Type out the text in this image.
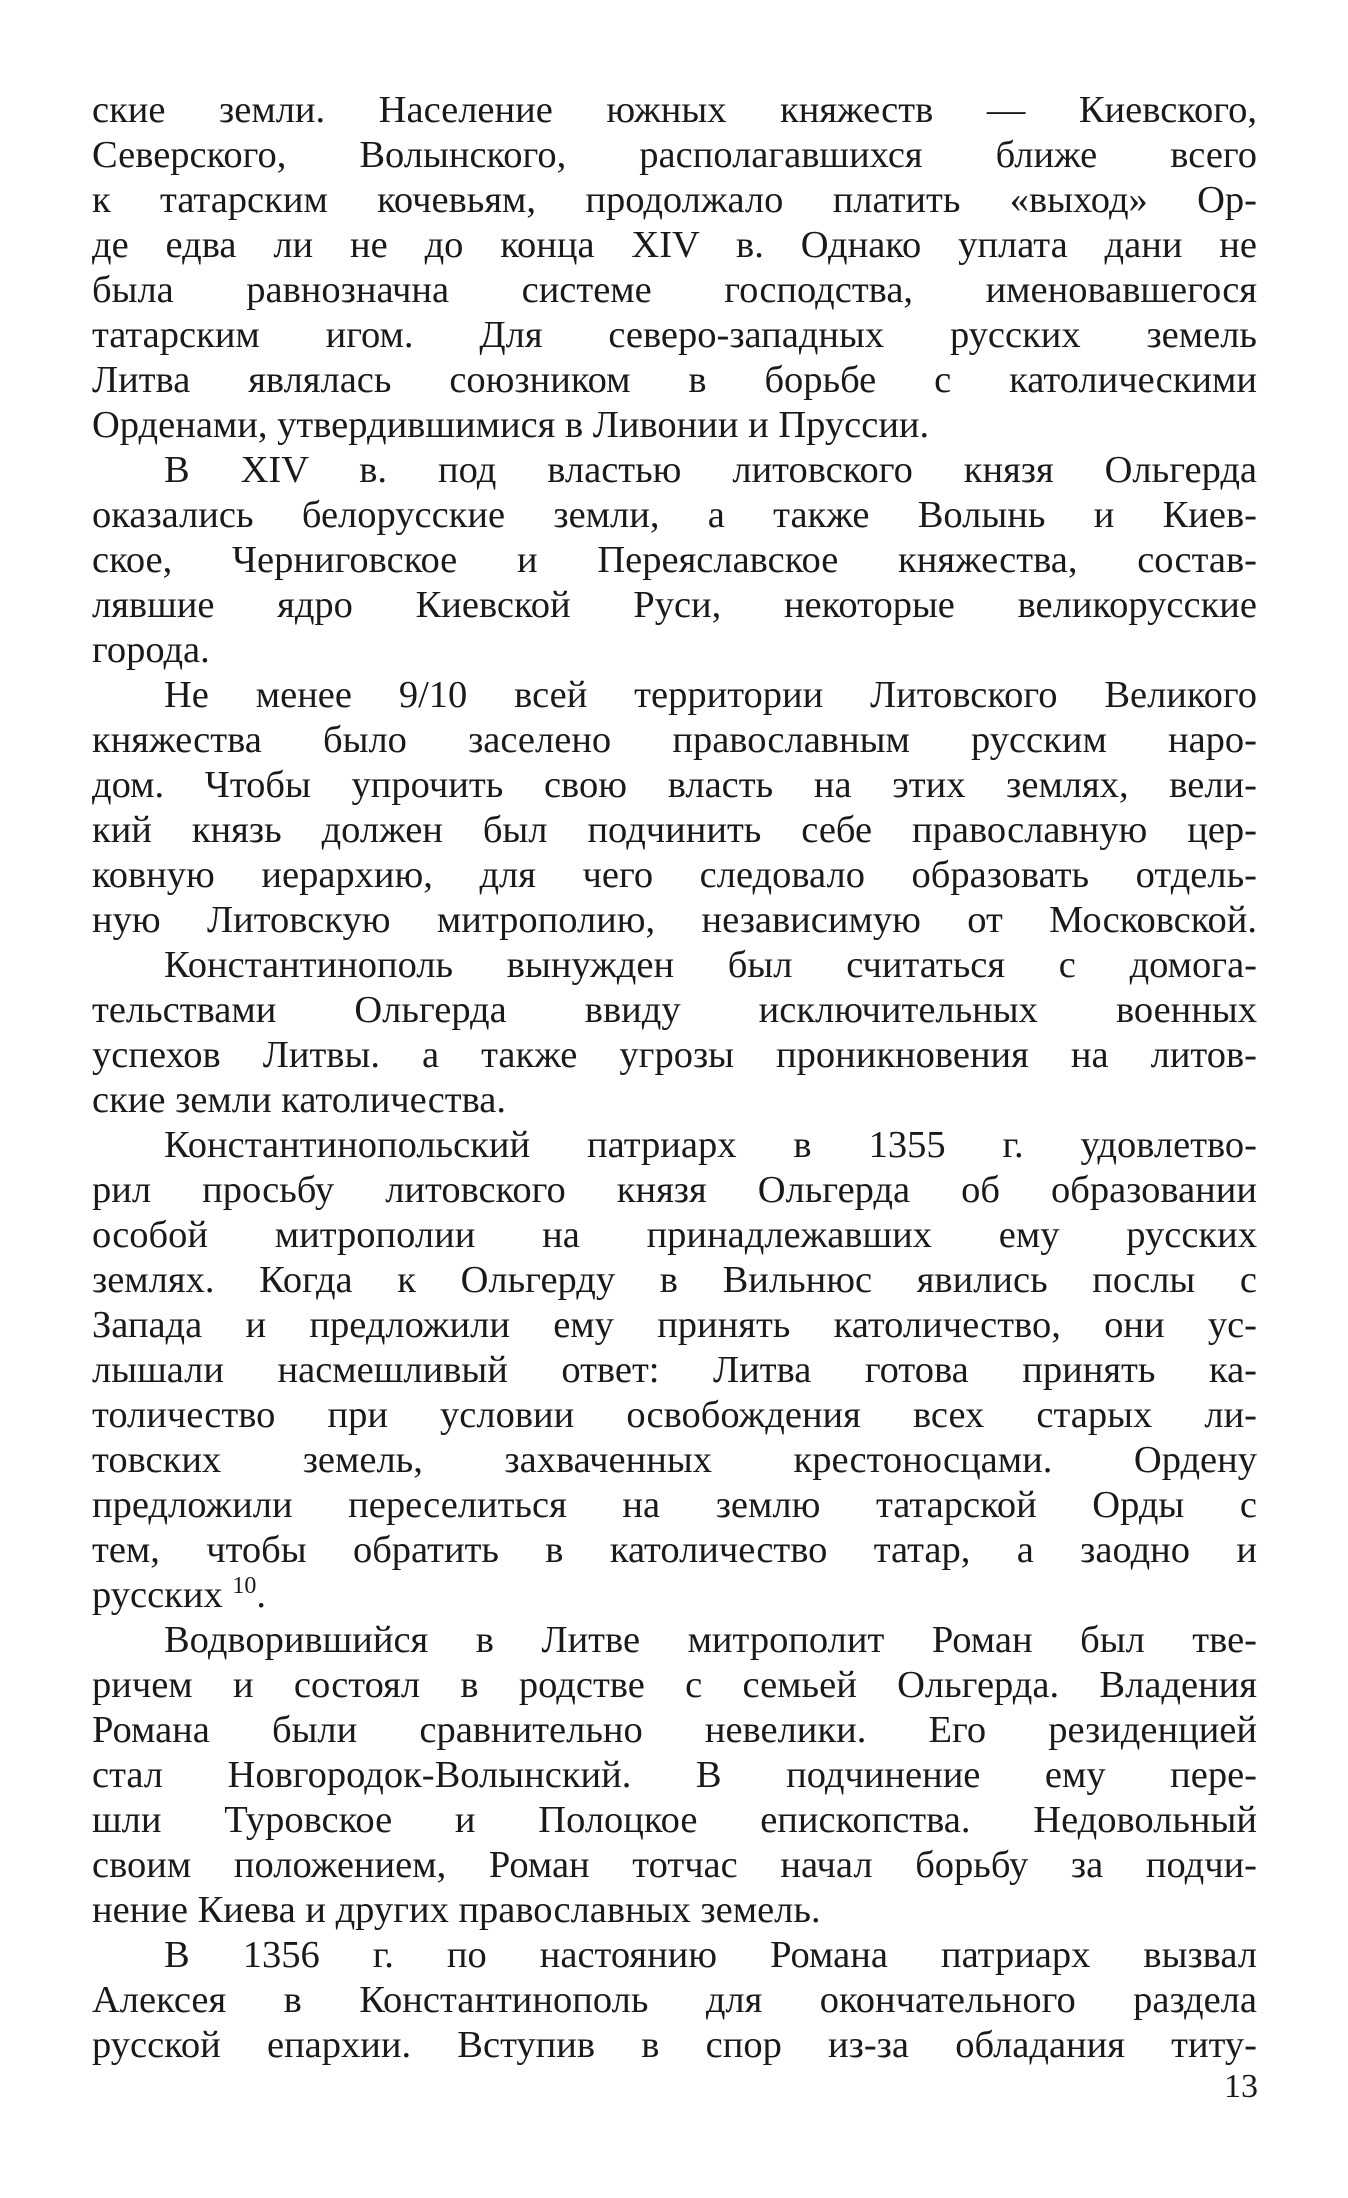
ские земли. Население южных княжеств — Киевского,
Северского, Волынского, располагавшихся ближе всего
к татарским кочевьям, продолжало платить «выход» Ор-
де едва ли не до конца XIV в. Однако уплата дани не
была равнозначна системе господства, именовавшегося
татарским игом. Для северо-западных русских земель
Литва являлась союзником в борьбе с католическими
Орденами, утвердившимися в Ливонии и Пруссии.

В XIV в. под властью литовского князя Ольгерда
оказались белорусские земли, а также Волынь и Киев-
ское, Черниговское и Переяславское княжества, состав-
лявшие ядро Киевской Руси, некоторые великорусские
города.

Не менее 9/10 всей территории Литовского Великого
княжества было заселено православным русским наро-
дом. Чтобы упрочить свою власть на этих землях, вели-
кий князь должен был подчинить себе православную цер-
ковную иерархию, для чего следовало образовать отдель-
ную Литовскую митрополию, независимую от Московской.

Константинополь вынужден был считаться с домога-
тельствами Ольгерда ввиду исключительных военных
успехов Литвы. а также угрозы проникновения на литов-
ские земли католичества.

Константинопольский патриарх в 1355 г. удовлетво-
рил просьбу литовского князя Ольгерда об образовании
особой митрополии на принадлежавших ему русских
землях. Когда к Ольгерду в Вильнюс явились послы с
Запада и предложили ему принять католичество, они ус-
лышали насмешливый ответ: Литва готова принять ка-
толичество при условии освобождения всех старых ли-
товских земель, захваченных крестоносцами. Ордену
предложили переселиться на землю татарской Орды с
тем, чтобы обратить в католичество татар, а заодно и
русских $^{10}$.

Водворившийся в Литве митрополит Роман был тве-
ричем и состоял в родстве с семьей Ольгерда. Владения
Романа были сравнительно невелики. Его резиденцией
стал Новгородок-Волынский. В подчинение ему пере-
шли Туровское и Полоцкое епископства. Недовольный
своим положением, Роман тотчас начал борьбу за подчи-
нение Киева и других православных земель.

В 1356 г. по настоянию Романа патриарх вызвал
Алексея в Константинополь для окончательного раздела
русской епархии. Вступив в спор из-за обладания титу-

13
